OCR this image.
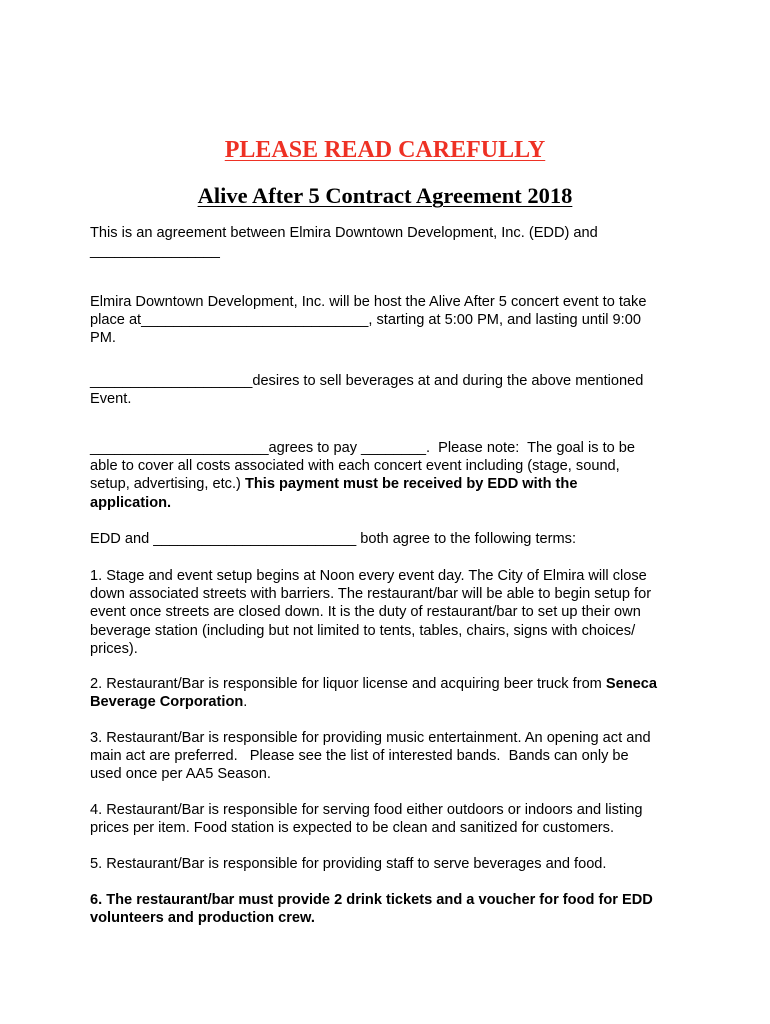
PLEASE READ CAREFULLY
Alive After 5 Contract Agreement 2018

This is an agreement between Elmira Downtown Development, Inc. (EDD) and

________________

Elmira Downtown Development, Inc. will be host the Alive After 5 concert event to take

place at____________________________, starting at 5:00 PM, and lasting until 9:00

PM.

____________________desires to sell beverages at and during the above mentioned

Event.

______________________agrees to pay ________.  Please note:  The goal is to be

able to cover all costs associated with each concert event including (stage, sound,

setup, advertising, etc.) This payment must be received by EDD with the

application.

EDD and _________________________ both agree to the following terms:

1. Stage and event setup begins at Noon every event day. The City of Elmira will close

down associated streets with barriers. The restaurant/bar will be able to begin setup for

event once streets are closed down. It is the duty of restaurant/bar to set up their own

beverage station (including but not limited to tents, tables, chairs, signs with choices/

prices).

2. Restaurant/Bar is responsible for liquor license and acquiring beer truck from Seneca

Beverage Corporation.

3. Restaurant/Bar is responsible for providing music entertainment. An opening act and

main act are preferred.   Please see the list of interested bands.  Bands can only be

used once per AA5 Season.

4. Restaurant/Bar is responsible for serving food either outdoors or indoors and listing

prices per item. Food station is expected to be clean and sanitized for customers.

5. Restaurant/Bar is responsible for providing staff to serve beverages and food.

6. The restaurant/bar must provide 2 drink tickets and a voucher for food for EDD

volunteers and production crew.
